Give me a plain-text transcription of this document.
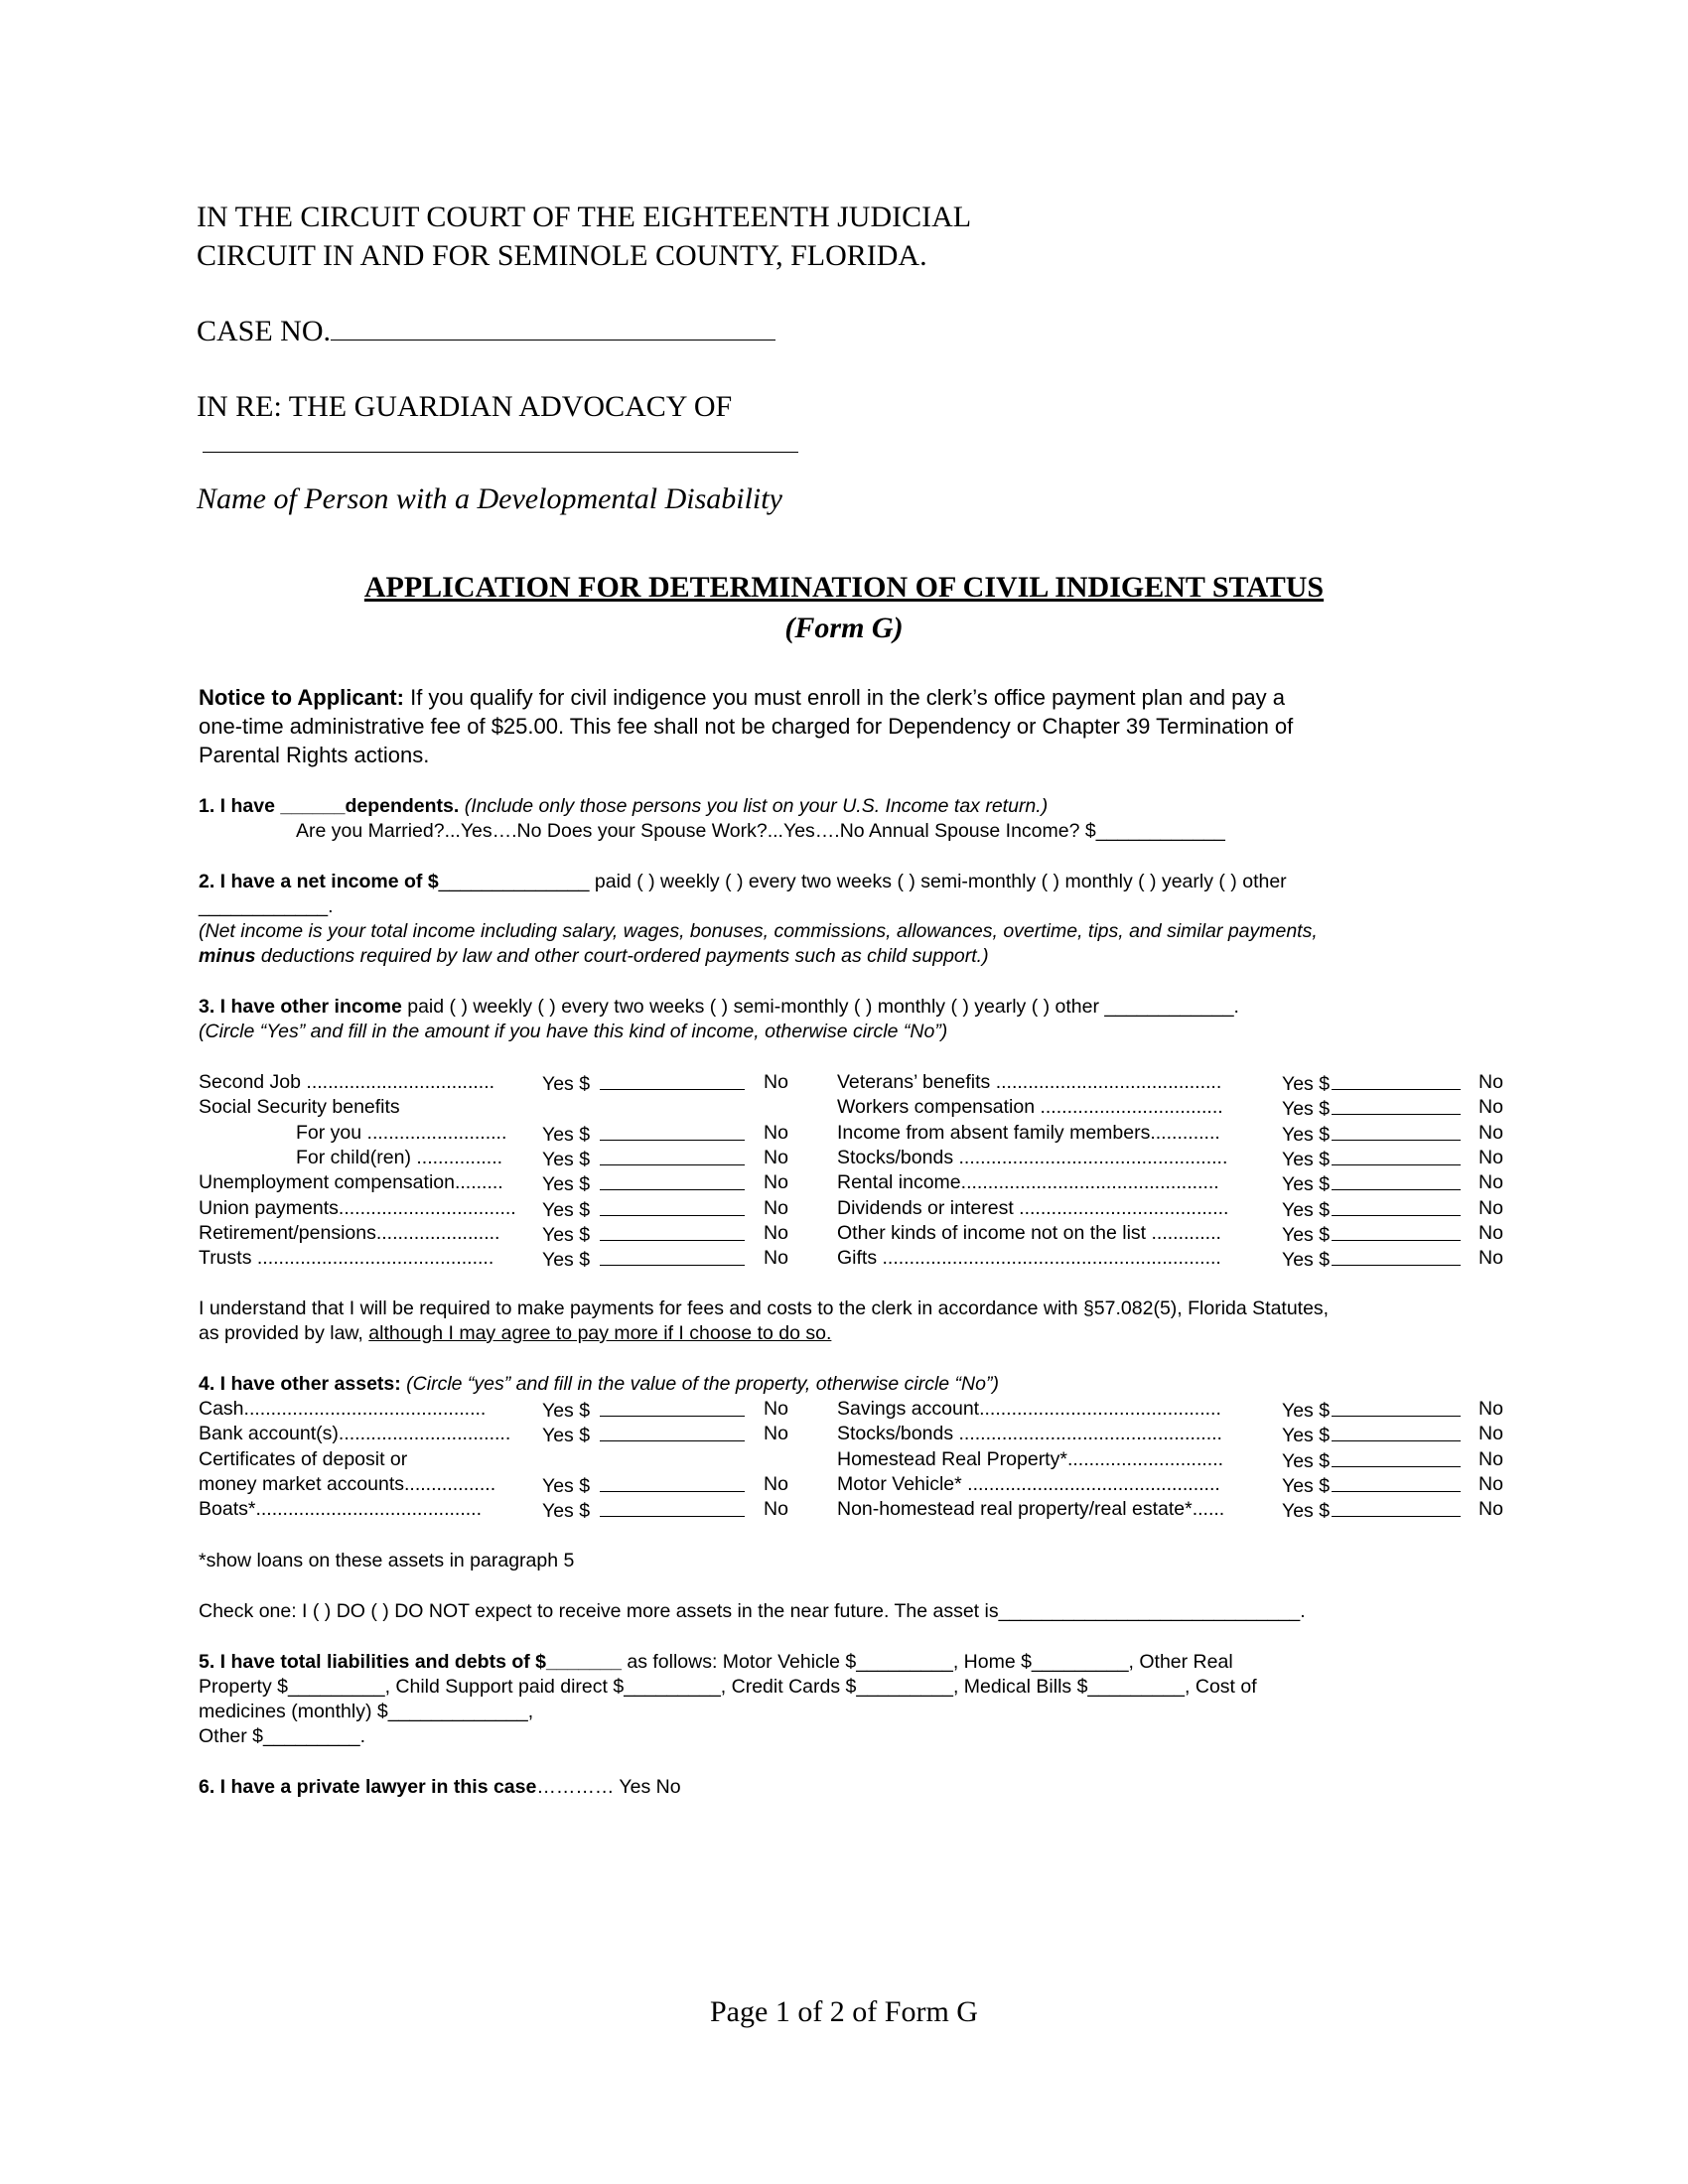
IN THE CIRCUIT COURT OF THE EIGHTEENTH JUDICIAL
CIRCUIT IN AND FOR SEMINOLE COUNTY, FLORIDA.
CASE NO.
IN RE: THE GUARDIAN ADVOCACY OF
Name of Person with a Developmental Disability
APPLICATION FOR DETERMINATION OF CIVIL INDIGENT STATUS
(Form G)
Notice to Applicant: If you qualify for civil indigence you must enroll in the clerk’s office payment plan and pay a
one-time administrative fee of $25.00. This fee shall not be charged for Dependency or Chapter 39 Termination of
Parental Rights actions.
1. I have ______dependents. (Include only those persons you list on your U.S. Income tax return.)
Are you Married?...Yes….No Does your Spouse Work?...Yes….No Annual Spouse Income? $____________
2. I have a net income of $______________ paid ( ) weekly ( ) every two weeks ( ) semi-monthly ( ) monthly ( ) yearly ( ) other
____________.
(Net income is your total income including salary, wages, bonuses, commissions, allowances, overtime, tips, and similar payments,
minus deductions required by law and other court-ordered payments such as child support.)
3. I have other income paid ( ) weekly ( ) every two weeks ( ) semi-monthly ( ) monthly ( ) yearly ( ) other ____________.
(Circle “Yes” and fill in the amount if you have this kind of income, otherwise circle “No”)
Second Job ...................................	Yes $	No
Social Security benefits
For you ..........................	Yes $	No
For child(ren) ................	Yes $	No
Unemployment compensation.........	Yes $	No
Union payments.................................	Yes $	No
Retirement/pensions.......................	Yes $	No
Trusts ............................................	Yes $	No
Veterans’ benefits ..........................................	Yes $	No
Workers compensation ..................................	Yes $	No
Income from absent family members.............	Yes $	No
Stocks/bonds ..................................................	Yes $	No
Rental income................................................	Yes $	No
Dividends or interest .......................................	Yes $	No
Other kinds of income not on the list .............	Yes $	No
Gifts ...............................................................	Yes $	No
I understand that I will be required to make payments for fees and costs to the clerk in accordance with §57.082(5), Florida Statutes,
as provided by law, although I may agree to pay more if I choose to do so.
4. I have other assets: (Circle “yes” and fill in the value of the property, otherwise circle “No”)
Cash.............................................	Yes $	No
Bank account(s)................................	Yes $	No
Certificates of deposit or
money market accounts.................	Yes $	No
Boats*..........................................	Yes $	No
Savings account.............................................	Yes $	No
Stocks/bonds .................................................	Yes $	No
Homestead Real Property*.............................	Yes $	No
Motor Vehicle* ...............................................	Yes $	No
Non-homestead real property/real estate*......	Yes $	No
*show loans on these assets in paragraph 5
Check one: I ( ) DO ( ) DO NOT expect to receive more assets in the near future. The asset is____________________________.
5. I have total liabilities and debts of $_______ as follows: Motor Vehicle $_________, Home $_________, Other Real
Property $_________, Child Support paid direct $_________, Credit Cards $_________, Medical Bills $_________, Cost of
medicines (monthly) $_____________,
Other $_________.
6. I have a private lawyer in this case………… Yes No
Page 1 of 2 of Form G
